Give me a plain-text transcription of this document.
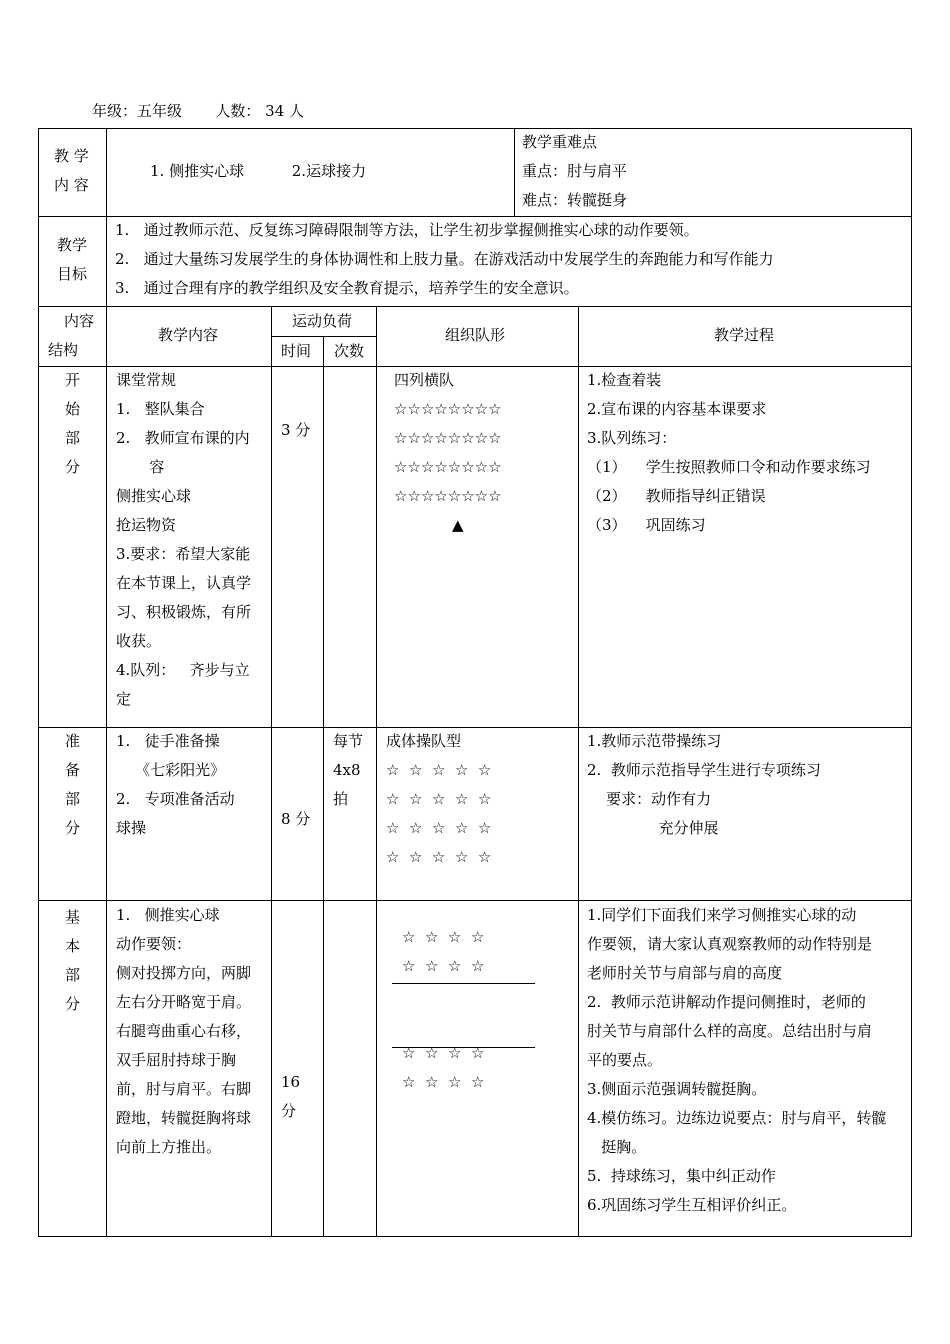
年级：五年级       人数： 34 人
教 学
内 容
1. 侧推实心球          2.运球接力
教学重难点
重点：肘与肩平
难点：转髋挺身
教学
目标
1.   通过教师示范、反复练习障碍限制等方法，让学生初步掌握侧推实心球的动作要领。
2.   通过大量练习发展学生的身体协调性和上肢力量。在游戏活动中发展学生的奔跑能力和写作能力
3.   通过合理有序的教学组织及安全教育提示，培养学生的安全意识。
内容
结构
教学内容
运动负荷
时间 次数
组织队形	教学过程
开
始
部
分
课堂常规
1.   整队集合
2.   教师宣布课的内
容
侧推实心球
抢运物资
3.要求：希望大家能
在本节课上，认真学
习、积极锻炼，有所
收获。
4.队列：   齐步与立
定
3 分
四列横队
☆☆☆☆☆☆☆☆
☆☆☆☆☆☆☆☆
☆☆☆☆☆☆☆☆
☆☆☆☆☆☆☆☆
▲
1.检查着装
2.宣布课的内容基本课要求
3.队列练习：
（1）    学生按照教师口令和动作要求练习
（2）    教师指导纠正错误
（3）    巩固练习
准
备
部
分
1.   徒手准备操
《七彩阳光》
2.   专项准备活动
球操	8 分
每节
4x8
拍
成体操队型
☆  ☆  ☆  ☆  ☆
☆  ☆  ☆  ☆  ☆
☆  ☆  ☆  ☆  ☆
☆  ☆  ☆  ☆  ☆
1.教师示范带操练习
2.  教师示范指导学生进行专项练习
要求：动作有力
充分伸展
基
本
部
分
1.   侧推实心球
动作要领：
侧对投掷方向，两脚
左右分开略宽于肩。
右腿弯曲重心右移，
双手屈肘持球于胸
前，肘与肩平。右脚
蹬地，转髋挺胸将球
向前上方推出。
16
分
☆  ☆  ☆  ☆
☆  ☆  ☆  ☆
☆  ☆  ☆  ☆
☆  ☆  ☆  ☆
1.同学们下面我们来学习侧推实心球的动
作要领，请大家认真观察教师的动作特别是
老师肘关节与肩部与肩的高度
2.  教师示范讲解动作提问侧推时，老师的
肘关节与肩部什么样的高度。总结出肘与肩
平的要点。
3.侧面示范强调转髋挺胸。
4.模仿练习。边练边说要点：肘与肩平，转髋
挺胸。
5.  持球练习，集中纠正动作
6.巩固练习学生互相评价纠正。
